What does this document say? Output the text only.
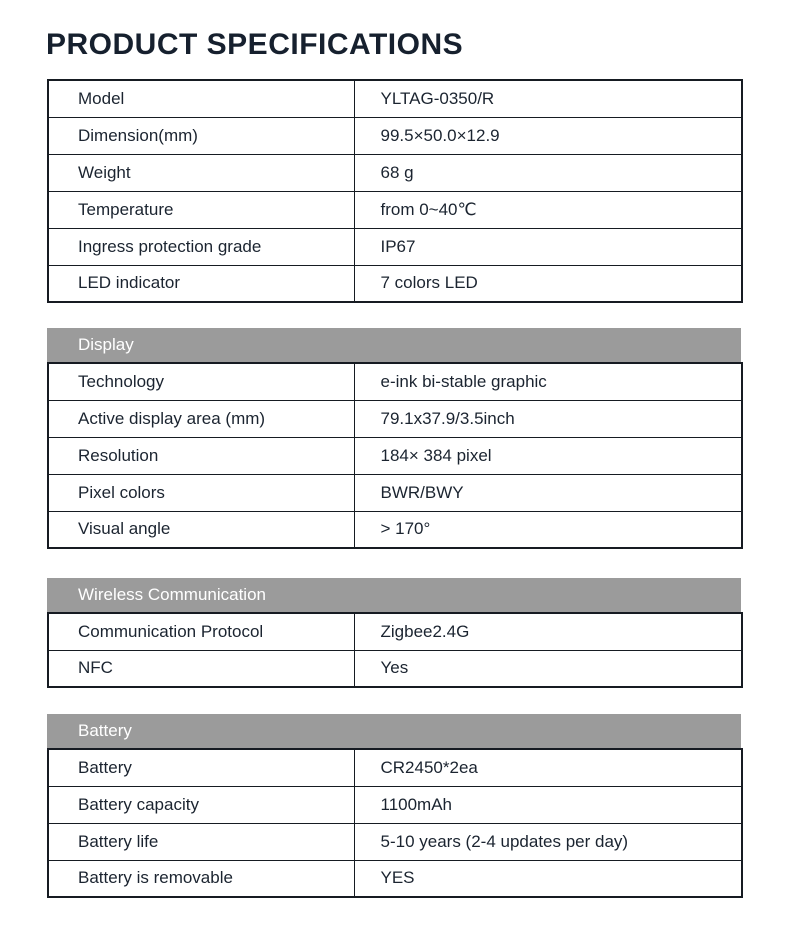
PRODUCT SPECIFICATIONS
Model	YLTAG-0350/R
Dimension(mm)	99.5×50.0×12.9
Weight	68 g
Temperature	from 0~40℃
Ingress protection grade	IP67
LED indicator	7 colors LED
Display
Technology	e-ink bi-stable graphic
Active display area (mm)	79.1x37.9/3.5inch
Resolution	184× 384 pixel
Pixel colors	BWR/BWY
Visual angle	> 170°
Wireless Communication
Communication Protocol	Zigbee2.4G
NFC	Yes
Battery
Battery	CR2450*2ea
Battery capacity	1100mAh
Battery life	5-10 years (2-4 updates per day)
Battery is removable	YES
